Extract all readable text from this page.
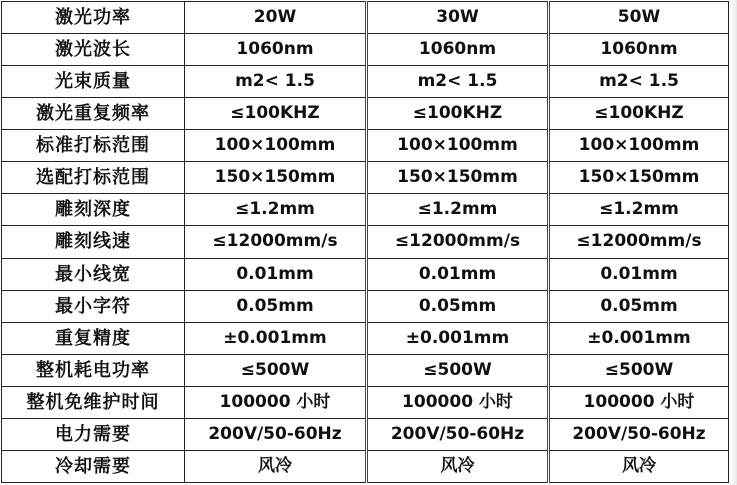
激光功率	20W	30W	50W
激光波长	1060nm	1060nm	1060nm
光束质量	m2< 1.5	m2< 1.5	m2< 1.5
激光重复频率	≤100KHZ	≤100KHZ	≤100KHZ
标准打标范围	100×100mm	100×100mm	100×100mm
选配打标范围	150×150mm	150×150mm	150×150mm
雕刻深度	≤1.2mm	≤1.2mm	≤1.2mm
雕刻线速	≤12000mm/s	≤12000mm/s	≤12000mm/s
最小线宽	0.01mm	0.01mm	0.01mm
最小字符	0.05mm	0.05mm	0.05mm
重复精度	±0.001mm	±0.001mm	±0.001mm
整机耗电功率	≤500W	≤500W	≤500W
整机免维护时间	100000 小时	100000 小时	100000 小时
电力需要	200V/50-60Hz	200V/50-60Hz	200V/50-60Hz
冷却需要	风冷	风冷	风冷
